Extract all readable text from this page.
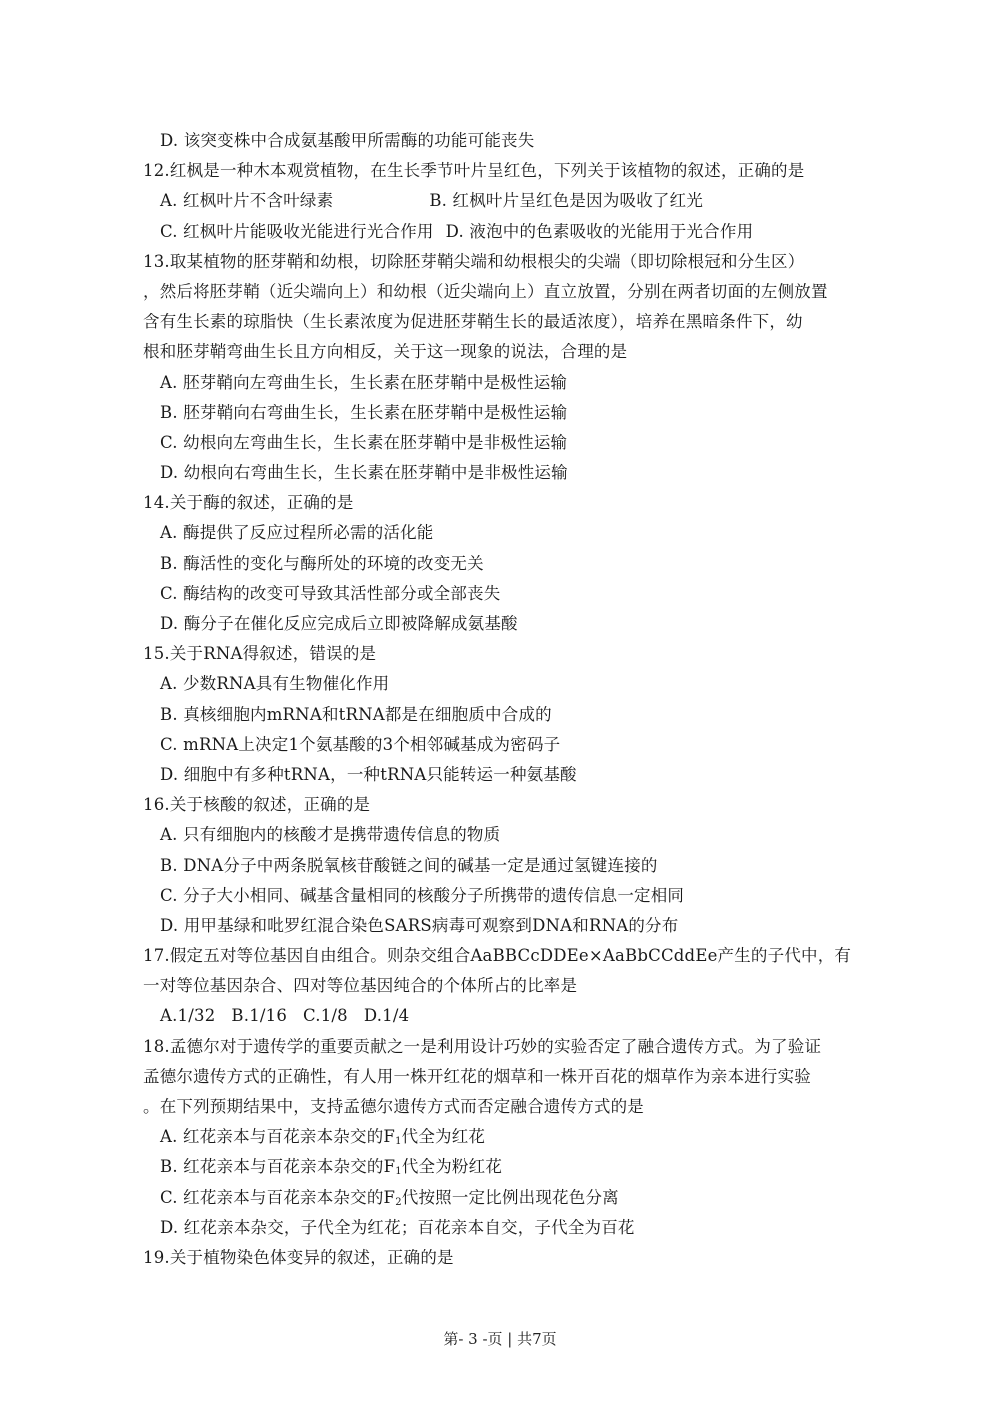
D. 该突变株中合成氨基酸甲所需酶的功能可能丧失
12.红枫是一种木本观赏植物，在生长季节叶片呈红色，下列关于该植物的叙述，正确的是
A. 红枫叶片不含叶绿素	B. 红枫叶片呈红色是因为吸收了红光
C. 红枫叶片能吸收光能进行光合作用 D. 液泡中的色素吸收的光能用于光合作用
13.取某植物的胚芽鞘和幼根，切除胚芽鞘尖端和幼根根尖的尖端（即切除根冠和分生区）
，然后将胚芽鞘（近尖端向上）和幼根（近尖端向上）直立放置，分别在两者切面的左侧放置
含有生长素的琼脂快（生长素浓度为促进胚芽鞘生长的最适浓度），培养在黑暗条件下，幼
根和胚芽鞘弯曲生长且方向相反，关于这一现象的说法，合理的是
A. 胚芽鞘向左弯曲生长，生长素在胚芽鞘中是极性运输
B. 胚芽鞘向右弯曲生长，生长素在胚芽鞘中是极性运输
C. 幼根向左弯曲生长，生长素在胚芽鞘中是非极性运输
D. 幼根向右弯曲生长，生长素在胚芽鞘中是非极性运输
14.关于酶的叙述，正确的是
A. 酶提供了反应过程所必需的活化能
B. 酶活性的变化与酶所处的环境的改变无关
C. 酶结构的改变可导致其活性部分或全部丧失
D. 酶分子在催化反应完成后立即被降解成氨基酸
15.关于RNA得叙述，错误的是
A. 少数RNA具有生物催化作用
B. 真核细胞内mRNA和tRNA都是在细胞质中合成的
C. mRNA上决定1个氨基酸的3个相邻碱基成为密码子
D. 细胞中有多种tRNA，一种tRNA只能转运一种氨基酸
16.关于核酸的叙述，正确的是
A. 只有细胞内的核酸才是携带遗传信息的物质
B. DNA分子中两条脱氧核苷酸链之间的碱基一定是通过氢键连接的
C. 分子大小相同、碱基含量相同的核酸分子所携带的遗传信息一定相同
D. 用甲基绿和吡罗红混合染色SARS病毒可观察到DNA和RNA的分布
17.假定五对等位基因自由组合。则杂交组合AaBBCcDDEe×AaBbCCddEe产生的子代中，有
一对等位基因杂合、四对等位基因纯合的个体所占的比率是
A.1/32 B.1/16 C.1/8 D.1/4
18.孟德尔对于遗传学的重要贡献之一是利用设计巧妙的实验否定了融合遗传方式。为了验证
孟德尔遗传方式的正确性，有人用一株开红花的烟草和一株开百花的烟草作为亲本进行实验
。在下列预期结果中，支持孟德尔遗传方式而否定融合遗传方式的是
A. 红花亲本与百花亲本杂交的$F_1$代全为红花
B. 红花亲本与百花亲本杂交的$F_1$代全为粉红花
C. 红花亲本与百花亲本杂交的$F_2$代按照一定比例出现花色分离
D. 红花亲本杂交，子代全为红花；百花亲本自交，子代全为百花
19.关于植物染色体变异的叙述，正确的是
第- 3 -页 | 共7页
